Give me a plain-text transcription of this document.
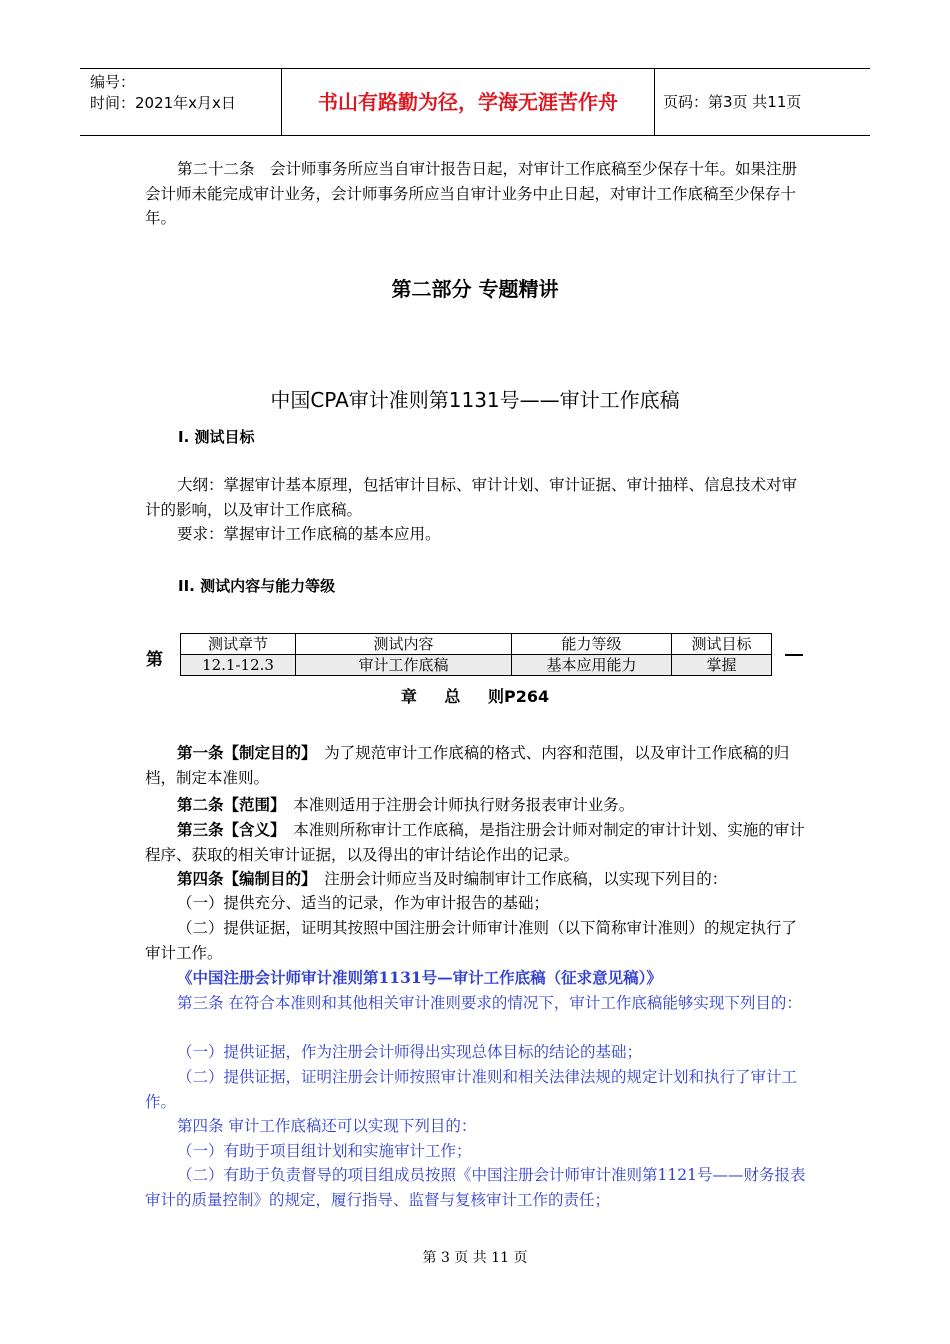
编号：
时间：2021年x月x日	书山有路勤为径，学海无涯苦作舟	页码：第3页 共11页

第二十二条　会计师事务所应当自审计报告日起，对审计工作底稿至少保存十年。如果注册会计师未能完成审计业务，会计师事务所应当自审计业务中止日起，对审计工作底稿至少保存十年。

第二部分 专题精讲
中国CPA审计准则第1131号——审计工作底稿
I. 测试目标

大纲：掌握审计基本原理，包括审计目标、审计计划、审计证据、审计抽样、信息技术对审计的影响，以及审计工作底稿。

要求：掌握审计工作底稿的基本应用。

II. 测试内容与能力等级
第
测试章节	测试内容	能力等级	测试目标
12.1-12.3	审计工作底稿	基本应用能力	掌握
章 总 则P264

第一条【制定目的】　 为了规范审计工作底稿的格式、内容和范围，以及审计工作底稿的归档，制定本准则。

第二条【范围】　 本准则适用于注册会计师执行财务报表审计业务。

第三条【含义】　 本准则所称审计工作底稿，是指注册会计师对制定的审计计划、实施的审计程序、获取的相关审计证据，以及得出的审计结论作出的记录。

第四条【编制目的】　 注册会计师应当及时编制审计工作底稿，以实现下列目的：

（一）提供充分、适当的记录，作为审计报告的基础；

（二）提供证据，证明其按照中国注册会计师审计准则（以下简称审计准则）的规定执行了审计工作。

《中国注册会计师审计准则第1131号—审计工作底稿（征求意见稿）》

第三条 在符合本准则和其他相关审计准则要求的情况下，审计工作底稿能够实现下列目的：

（一）提供证据，作为注册会计师得出实现总体目标的结论的基础；

（二）提供证据，证明注册会计师按照审计准则和相关法律法规的规定计划和执行了审计工作。

第四条 审计工作底稿还可以实现下列目的：

（一）有助于项目组计划和实施审计工作；

（二）有助于负责督导的项目组成员按照《中国注册会计师审计准则第1121号——财务报表审计的质量控制》的规定，履行指导、监督与复核审计工作的责任；

第 3 页 共 11 页
